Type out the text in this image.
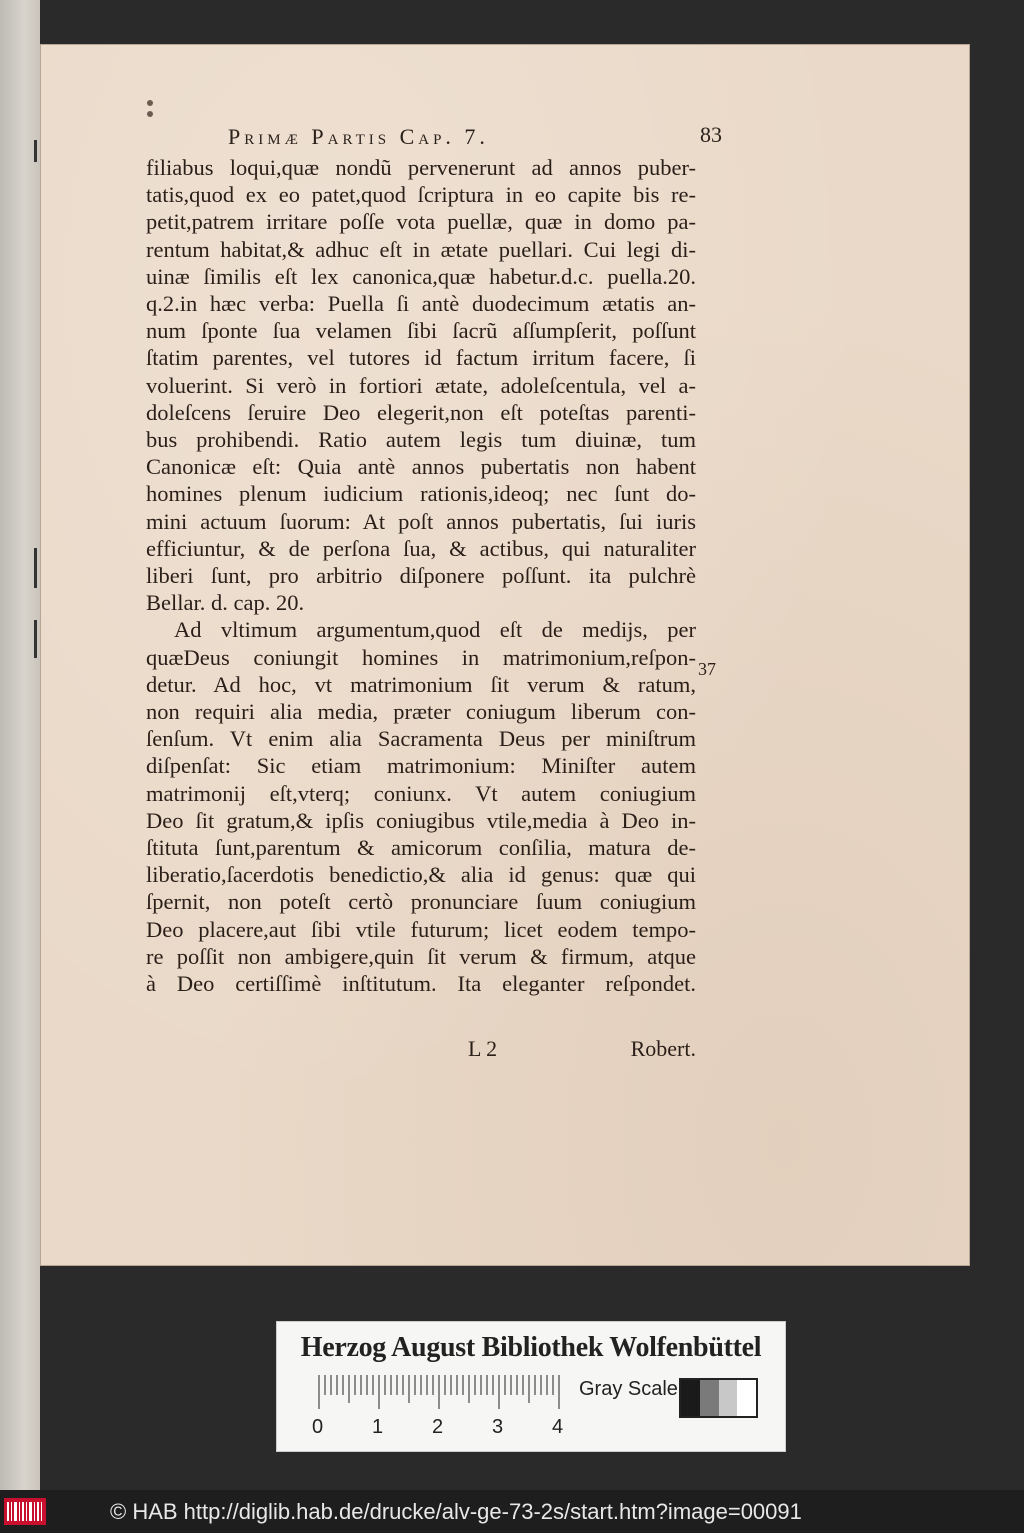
Primæ Partis Cap. 7.	83
filiabus loqui,quæ nondũ pervenerunt ad annos puber-
tatis,quod ex eo patet,quod ſcriptura in eo capite bis re-
petit,patrem irritare poſſe vota puellæ, quæ in domo pa-
rentum habitat,& adhuc eſt in ætate puellari. Cui legi di-
uinæ ſimilis eſt lex canonica,quæ habetur.d.c. puella.20.
q.2.in hæc verba: Puella ſi antè duodecimum ætatis an-
num ſponte ſua velamen ſibi ſacrũ aſſumpſerit, poſſunt
ſtatim parentes, vel tutores id factum irritum facere, ſi
voluerint. Si verò in fortiori ætate, adoleſcentula, vel a-
doleſcens ſeruire Deo elegerit,non eſt poteſtas parenti-
bus prohibendi. Ratio autem legis tum diuinæ, tum
Canonicæ eſt: Quia antè annos pubertatis non habent
homines plenum iudicium rationis,ideoq; nec ſunt do-
mini actuum ſuorum: At poſt annos pubertatis, ſui iuris
efficiuntur, & de perſona ſua, & actibus, qui naturaliter
liberi ſunt, pro arbitrio diſponere poſſunt. ita pulchrè
Bellar. d. cap. 20.
Ad vltimum argumentum,quod eſt de medijs, per
quæDeus coniungit homines in matrimonium,reſpon-
detur. Ad hoc, vt matrimonium ſit verum & ratum,
non requiri alia media, præter coniugum liberum con-
ſenſum. Vt enim alia Sacramenta Deus per miniſtrum
diſpenſat: Sic etiam matrimonium: Miniſter autem
matrimonij eſt,vterq; coniunx. Vt autem coniugium
Deo ſit gratum,& ipſis coniugibus vtile,media à Deo in-
ſtituta ſunt,parentum & amicorum conſilia, matura de-
liberatio,ſacerdotis benedictio,& alia id genus: quæ qui
ſpernit, non poteſt certò pronunciare ſuum coniugium
Deo placere,aut ſibi vtile futurum; licet eodem tempo-
re poſſit non ambigere,quin ſit verum & firmum, atque
à Deo certiſſimè inſtitutum. Ita eleganter reſpondet.
37
L 2	Robert.
Herzog August Bibliothek Wolfenbüttel
0 1 2 3 4
Gray Scale
© HAB http://diglib.hab.de/drucke/alv-ge-73-2s/start.htm?image=00091
